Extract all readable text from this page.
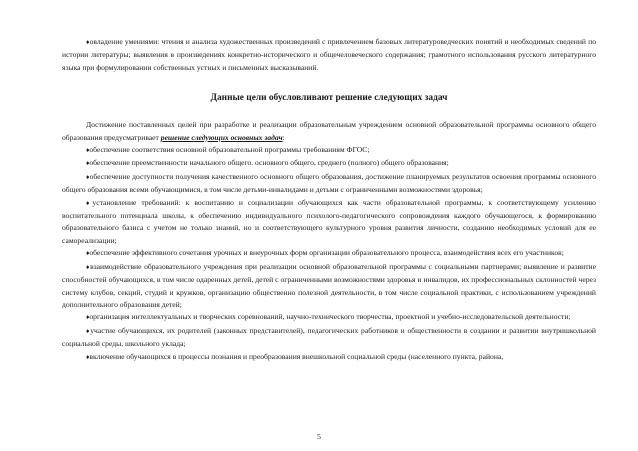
♦ овладение умениями: чтения и анализа художественных произведений с привлечением базовых литературоведческих понятий и необходимых сведений по истории литературы; выявления в произведениях конкретно-исторического и общечеловеческого содержания; грамотного использования русского литературного языка при формулировании собственных устных и письменных высказываний.

Данные цели обусловливают решение следующих задач

Достижение поставленных целей при разработке и реализации образовательным учреждением основной образовательной программы основного общего образования предусматривает решение следующих основных задач:

♦ обеспечение соответствия основной образовательной программы требованиям ФГОС;

♦ обеспечение преемственности начального общего. основного общего, среднего (полного) общего образования;

♦ обеспечение доступности получения качественного основного общего образования, достижение планируемых результатов освоения программы основного общего образования всеми обучающимися, в том числе детьми-инвалидами и детьми с ограниченными возможностями здоровья;

♦ установление требований: к воспитанию и социализации обучающихся как части образовательной программы, к соответствующему усилению воспитательного потенциала школы, к обеспечению индивидуального психолого-педагогического сопровождения каждого обучающегося, к формированию образовательного базиса с учетом не только знаний, но и соответствующего культурного уровня развития личности, созданию необходимых условий для ее самореализации;

♦ обеспечение эффективного сочетания урочных и внеурочных форм организации образовательного процесса, взаимодействия всех его участников;

♦ взаимодействие образовательного учреждения при реализации основной образовательной программы с социальными партнерами; выявление и развитие способностей обучающихся, в том числе одаренных детей, детей с ограниченными возможностями здоровья и инвалидов, их профессиональных склонностей через систему клубов, секций, студий и кружков, организацию общественно полезной деятельности, в том числе социальной практики, с использованием учреждений дополнительного образования детей;

♦ организация интеллектуальных и творческих соревнований, научно-технического творчества, проектной и учебно-исследовательской деятельности;

♦ участие обучающихся, их родителей (законных представителей), педагогических работников и общественности в создании и развитии внутришкольной социальной среды, школьного уклада;

♦ включение обучающихся в процессы познания и преобразования внешкольной социальной среды (населенного пункта, района,

5
